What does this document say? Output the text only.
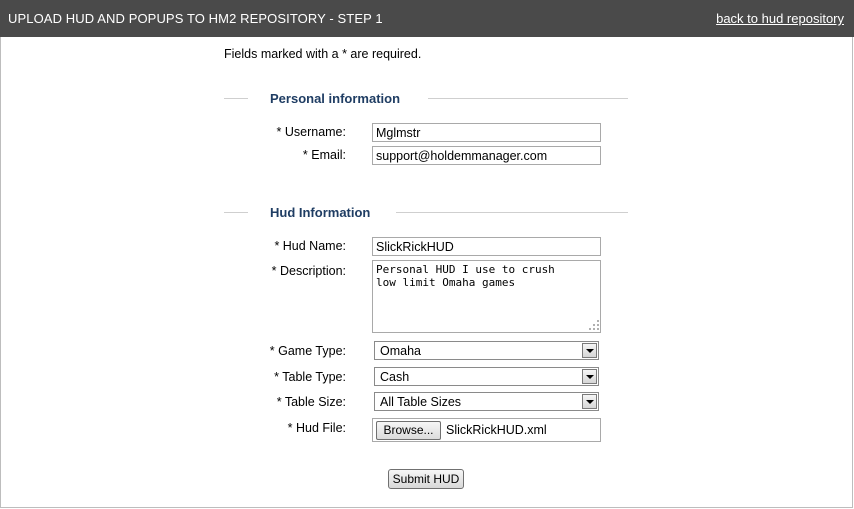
UPLOAD HUD AND POPUPS TO HM2 REPOSITORY - STEP 1	back to hud repository
Fields marked with a * are required.
Personal information
* Username:
Mglmstr
* Email:
support@holdemmanager.com
Hud Information
* Hud Name:
SlickRickHUD
* Description:
Personal HUD I use to crush low limit Omaha games
* Game Type:	Omaha
* Table Type:	Cash
* Table Size:	All Table Sizes
* Hud File:	Browse...	SlickRickHUD.xml
Submit HUD
